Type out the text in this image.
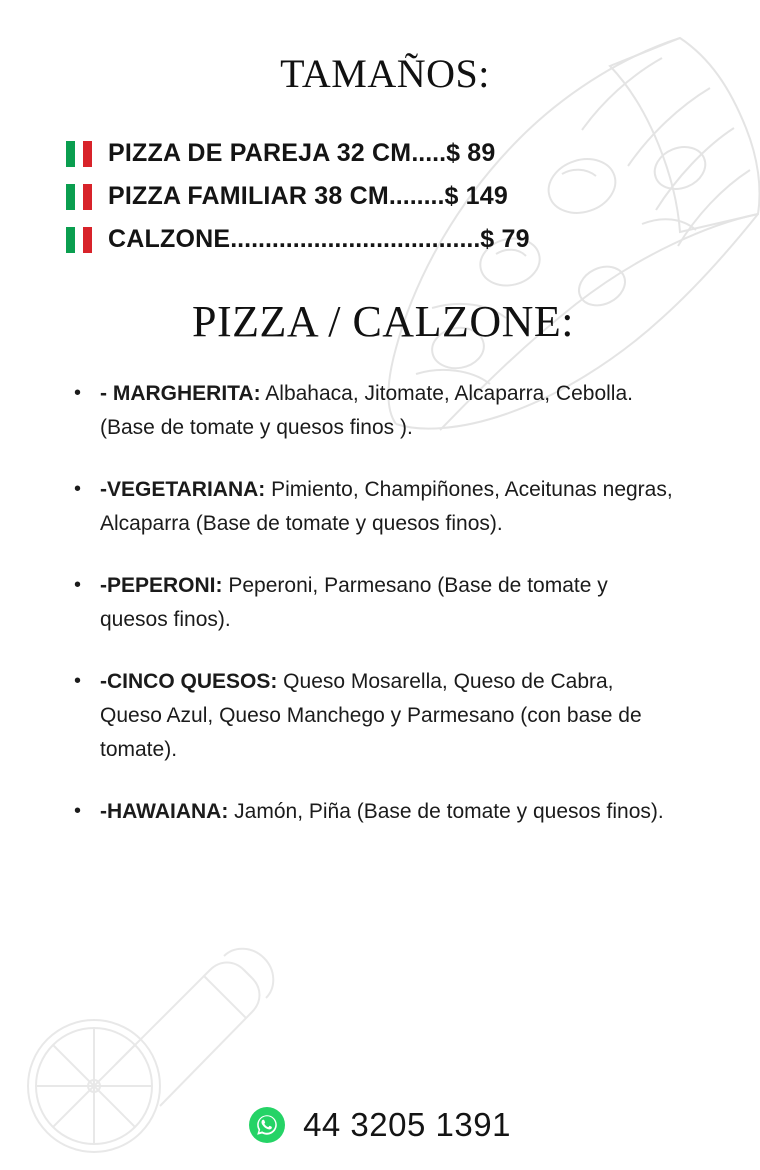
TAMAÑOS:
PIZZA DE PAREJA 32 CM ..... $ 89
PIZZA FAMILIAR 38 CM ........ $ 149
CALZONE .................................... $ 79
PIZZA / CALZONE:
• - MARGHERITA: Albahaca, Jitomate, Alcaparra, Cebolla. (Base de tomate y quesos finos ).
• -VEGETARIANA: Pimiento, Champiñones, Aceitunas negras, Alcaparra (Base de tomate y quesos finos).
• -PEPERONI: Peperoni, Parmesano (Base de tomate y quesos finos).
• -CINCO QUESOS: Queso Mosarella, Queso de Cabra, Queso Azul, Queso Manchego y Parmesano (con base de tomate).
• -HAWAIANA: Jamón, Piña (Base de tomate y quesos finos).
44 3205 1391
